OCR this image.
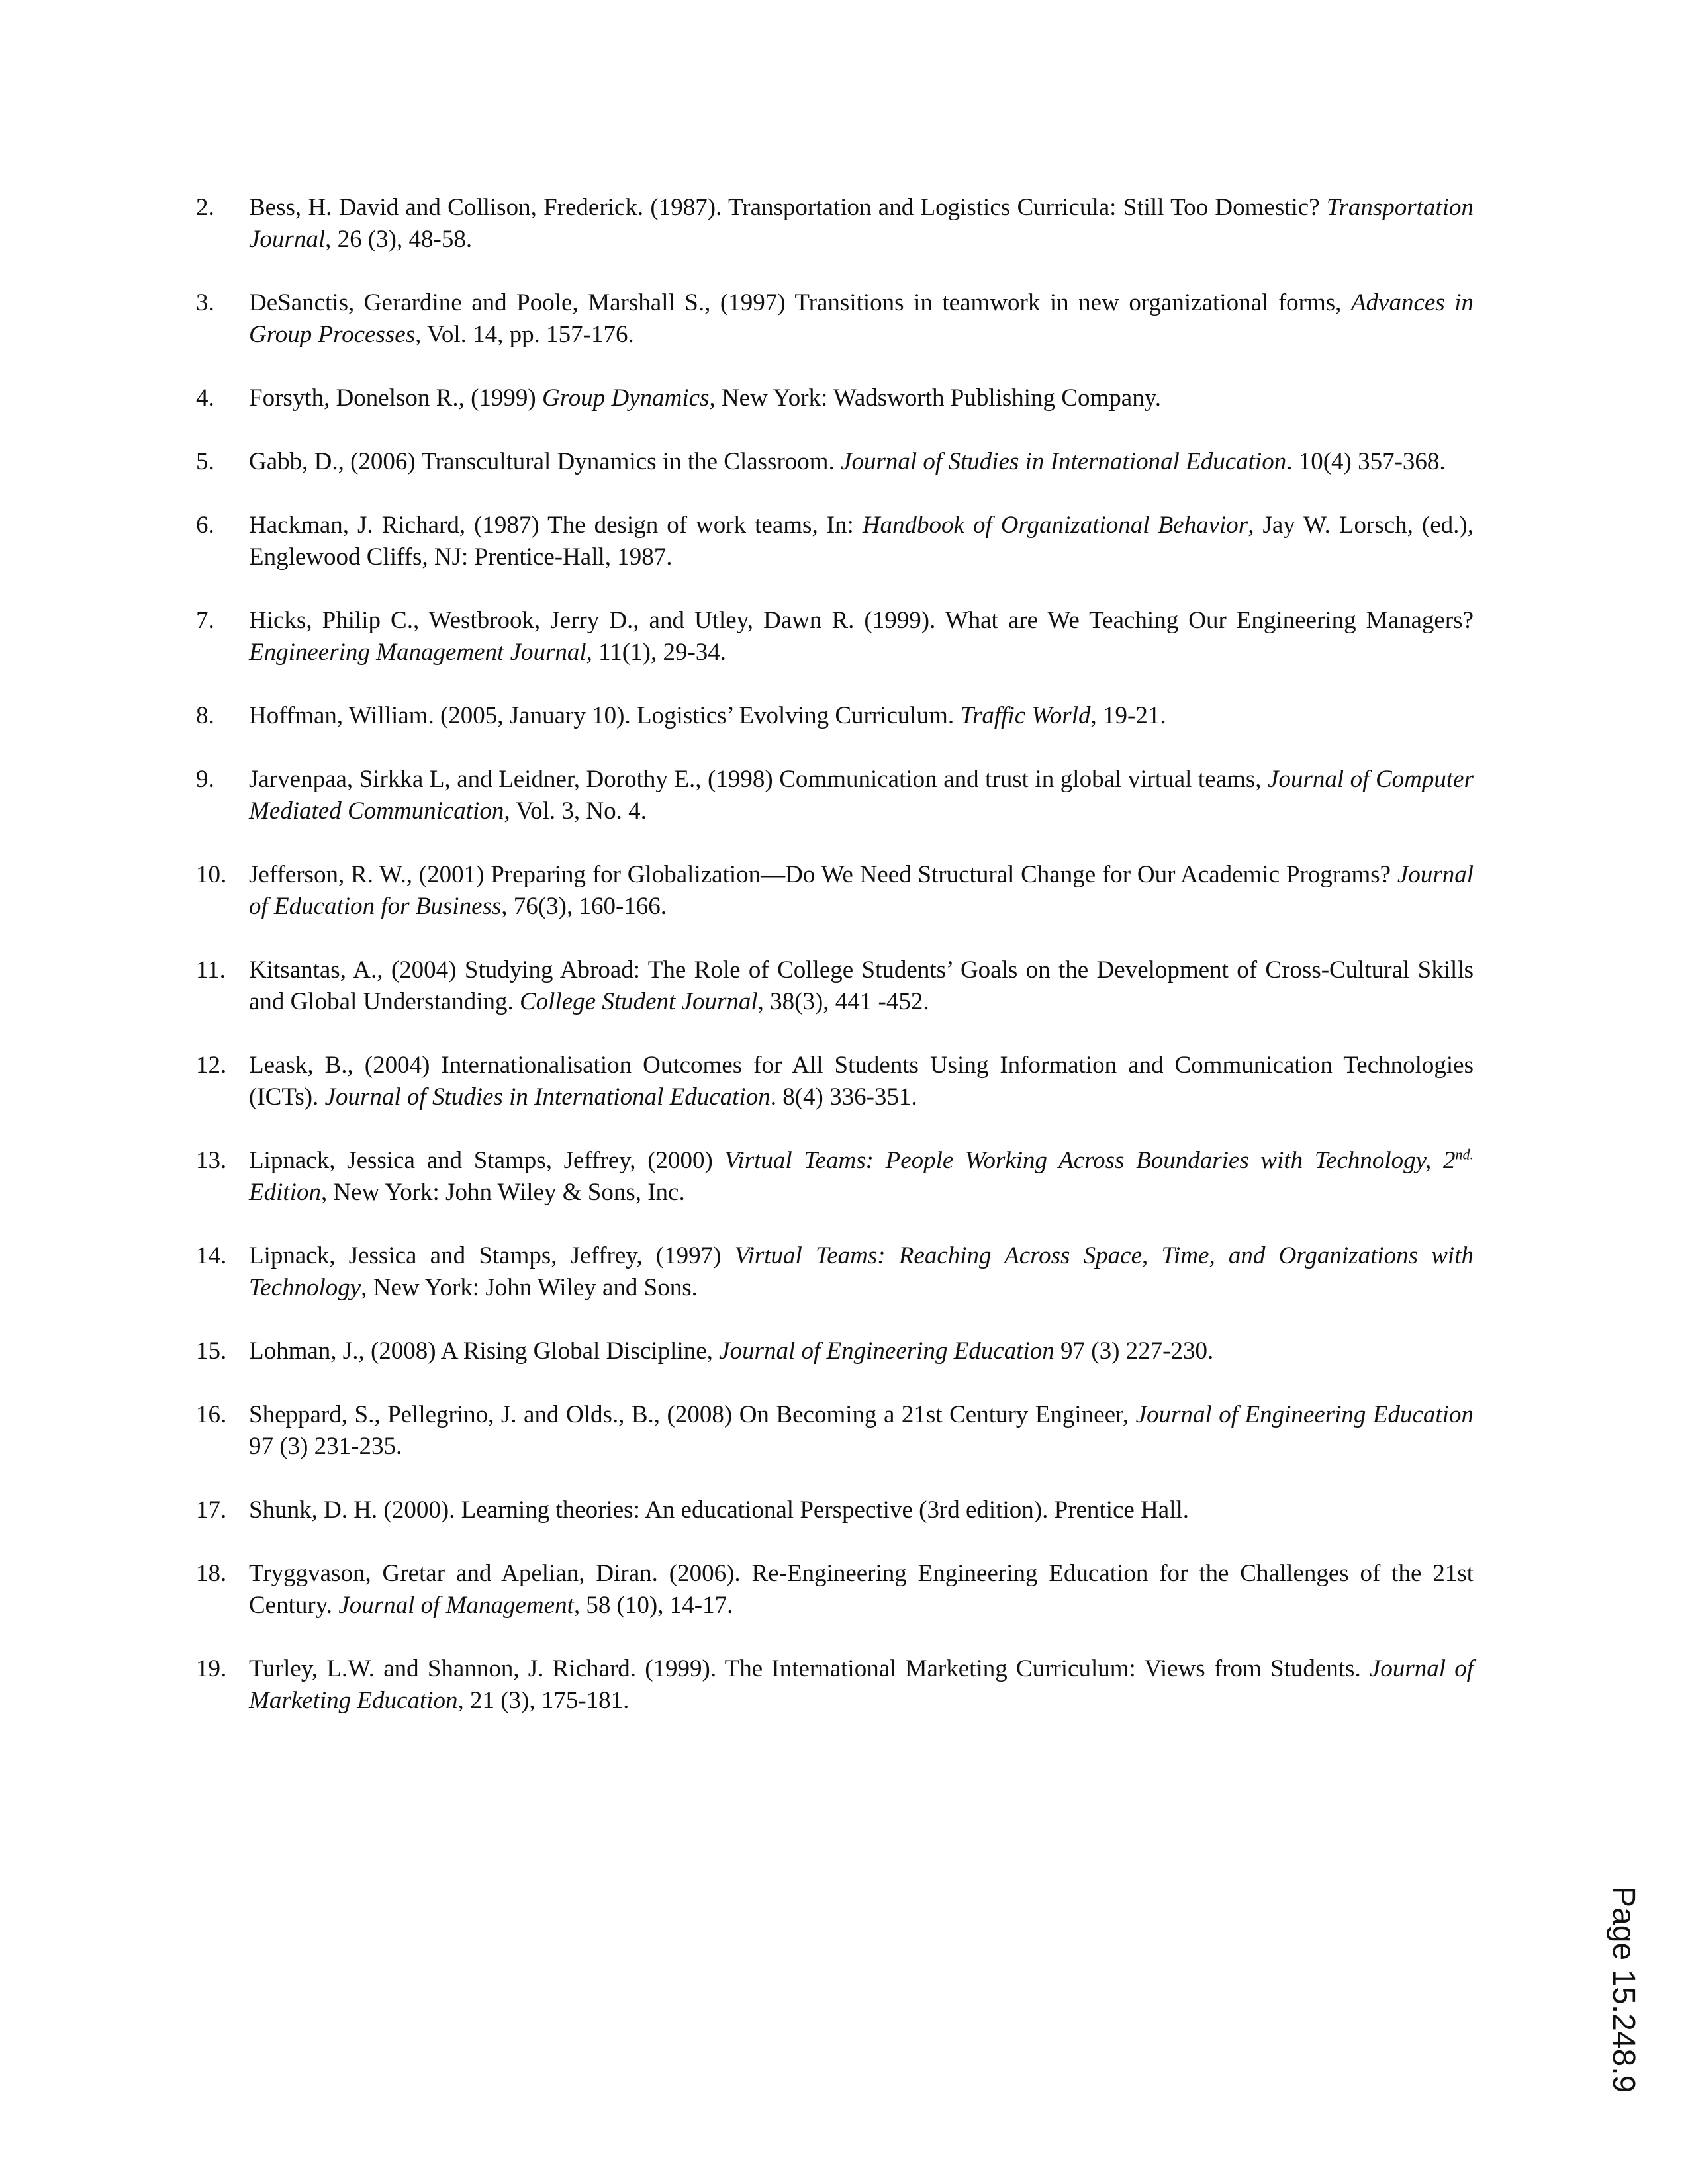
2.	Bess, H. David and Collison, Frederick. (1987). Transportation and Logistics Curricula: Still Too Domestic? Transportation Journal, 26 (3), 48-58.
3.	DeSanctis, Gerardine and Poole, Marshall S., (1997) Transitions in teamwork in new organizational forms, Advances in Group Processes, Vol. 14, pp. 157-176.
4.	Forsyth, Donelson R., (1999) Group Dynamics, New York: Wadsworth Publishing Company.
5.	Gabb, D., (2006) Transcultural Dynamics in the Classroom. Journal of Studies in International Education. 10(4) 357-368.
6.	Hackman, J. Richard, (1987) The design of work teams, In: Handbook of Organizational Behavior, Jay W. Lorsch, (ed.), Englewood Cliffs, NJ: Prentice-Hall, 1987.
7.	Hicks, Philip C., Westbrook, Jerry D., and Utley, Dawn R. (1999). What are We Teaching Our Engineering Managers? Engineering Management Journal, 11(1), 29-34.
8.	Hoffman, William. (2005, January 10). Logistics’ Evolving Curriculum. Traffic World, 19-21.
9.	Jarvenpaa, Sirkka L, and Leidner, Dorothy E., (1998) Communication and trust in global virtual teams, Journal of Computer Mediated Communication, Vol. 3, No. 4.
10. Jefferson, R. W., (2001) Preparing for Globalization—Do We Need Structural Change for Our Academic Programs? Journal of Education for Business, 76(3), 160-166.
11. Kitsantas, A., (2004) Studying Abroad: The Role of College Students’ Goals on the Development of Cross-Cultural Skills and Global Understanding. College Student Journal, 38(3), 441 -452.
12. Leask, B., (2004) Internationalisation Outcomes for All Students Using Information and Communication Technologies (ICTs). Journal of Studies in International Education. 8(4) 336-351.
13. Lipnack, Jessica and Stamps, Jeffrey, (2000) Virtual Teams: People Working Across Boundaries with Technology, $2^{nd.}$ Edition, New York: John Wiley & Sons, Inc.
14. Lipnack, Jessica and Stamps, Jeffrey, (1997) Virtual Teams: Reaching Across Space, Time, and Organizations with Technology, New York: John Wiley and Sons.
15. Lohman, J., (2008) A Rising Global Discipline, Journal of Engineering Education 97 (3) 227-230.
16. Sheppard, S., Pellegrino, J. and Olds., B., (2008) On Becoming a 21st Century Engineer, Journal of Engineering Education 97 (3) 231-235.
17. Shunk, D. H. (2000). Learning theories: An educational Perspective (3rd edition). Prentice Hall.
18. Tryggvason, Gretar and Apelian, Diran. (2006). Re-Engineering Engineering Education for the Challenges of the 21st Century. Journal of Management, 58 (10), 14-17.
19. Turley, L.W. and Shannon, J. Richard. (1999). The International Marketing Curriculum: Views from Students. Journal of Marketing Education, 21 (3), 175-181.
Page 15.248.9
